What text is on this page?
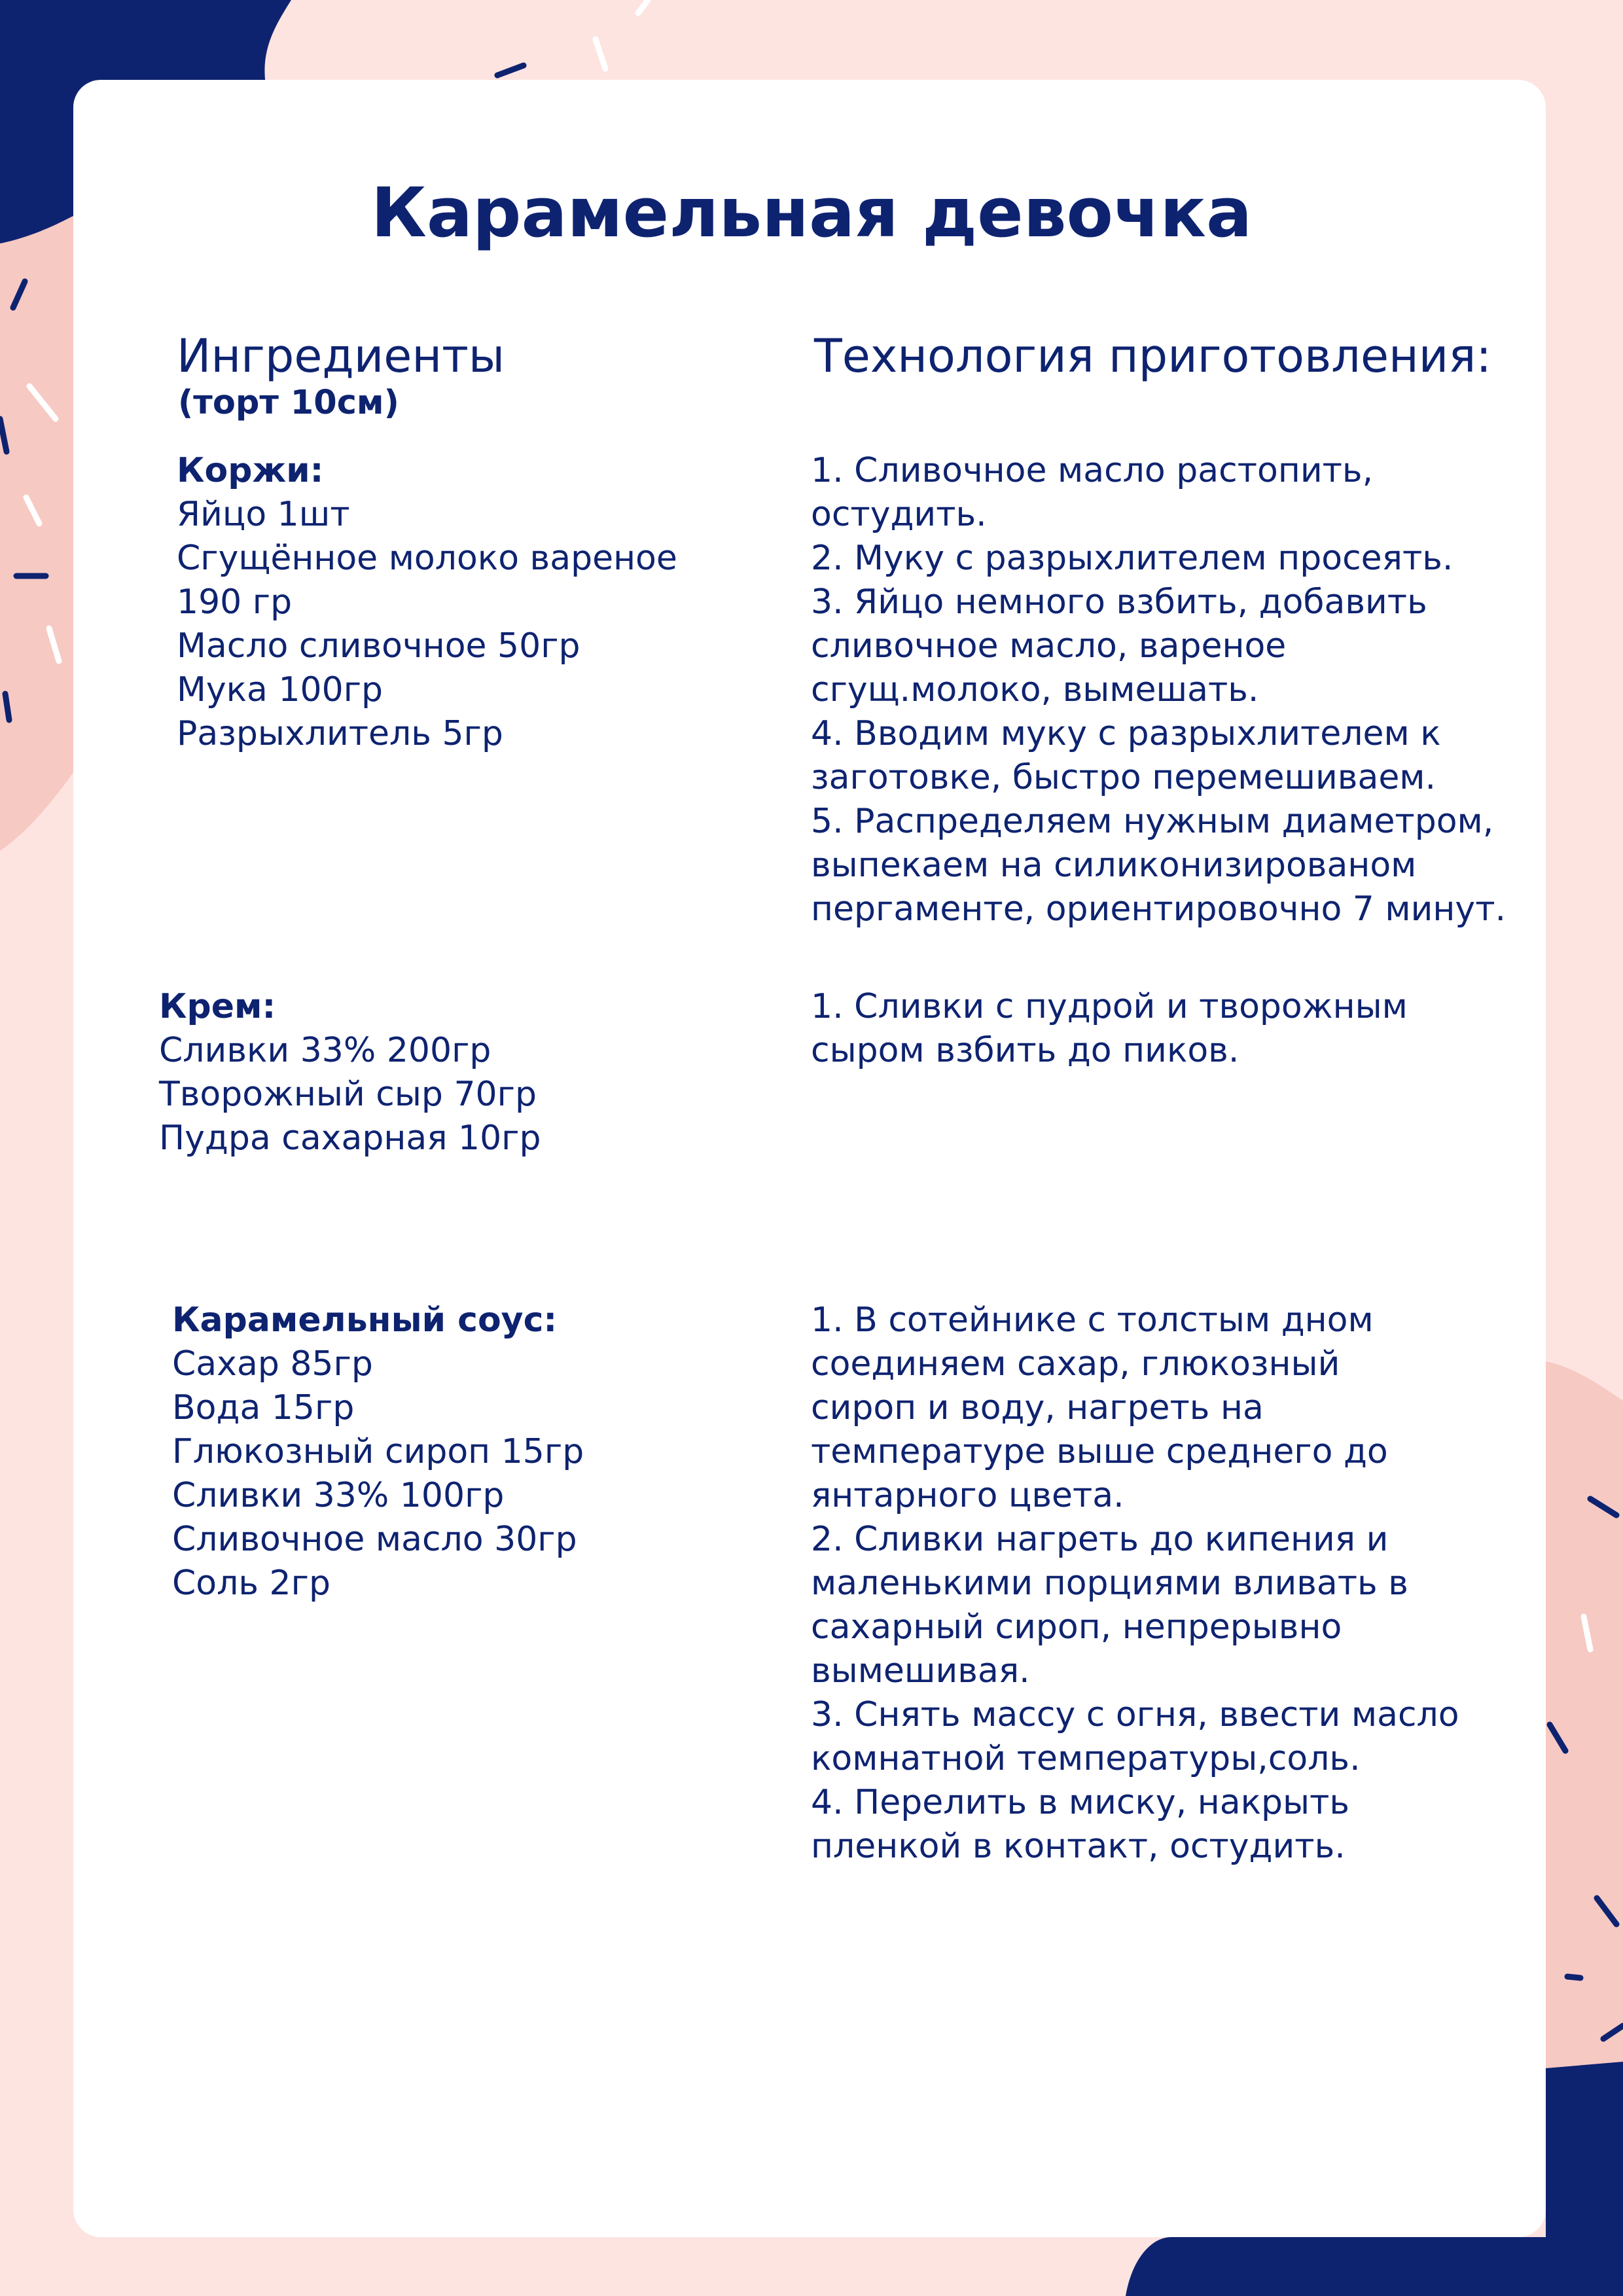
Карамельная девочка
Ингредиенты
(торт 10см)
Технология приготовления:
Коржи:
Яйцо 1шт
Сгущённое молоко вареное
190 гр
Масло сливочное 50гр
Мука 100гр
Разрыхлитель 5гр
1. Сливочное масло растопить,
остудить.
2. Муку с разрыхлителем просеять.
3. Яйцо немного взбить, добавить
сливочное масло, вареное
сгущ.молоко, вымешать.
4. Вводим муку с разрыхлителем к
заготовке, быстро перемешиваем.
5. Распределяем нужным диаметром,
выпекаем на силиконизированом
пергаменте, ориентировочно 7 минут.
Крем:
Сливки 33% 200гр
Творожный сыр 70гр
Пудра сахарная 10гр
1. Сливки с пудрой и творожным
сыром взбить до пиков.
Карамельный соус:
Сахар 85гр
Вода 15гр
Глюкозный сироп 15гр
Сливки 33% 100гр
Сливочное масло 30гр
Соль 2гр
1. В сотейнике с толстым дном
соединяем сахар, глюкозный
сироп и воду, нагреть на
температуре выше среднего до
янтарного цвета.
2. Сливки нагреть до кипения и
маленькими порциями вливать в
сахарный сироп, непрерывно
вымешивая.
3. Снять массу с огня, ввести масло
комнатной температуры,соль.
4. Перелить в миску, накрыть
пленкой в контакт, остудить.
